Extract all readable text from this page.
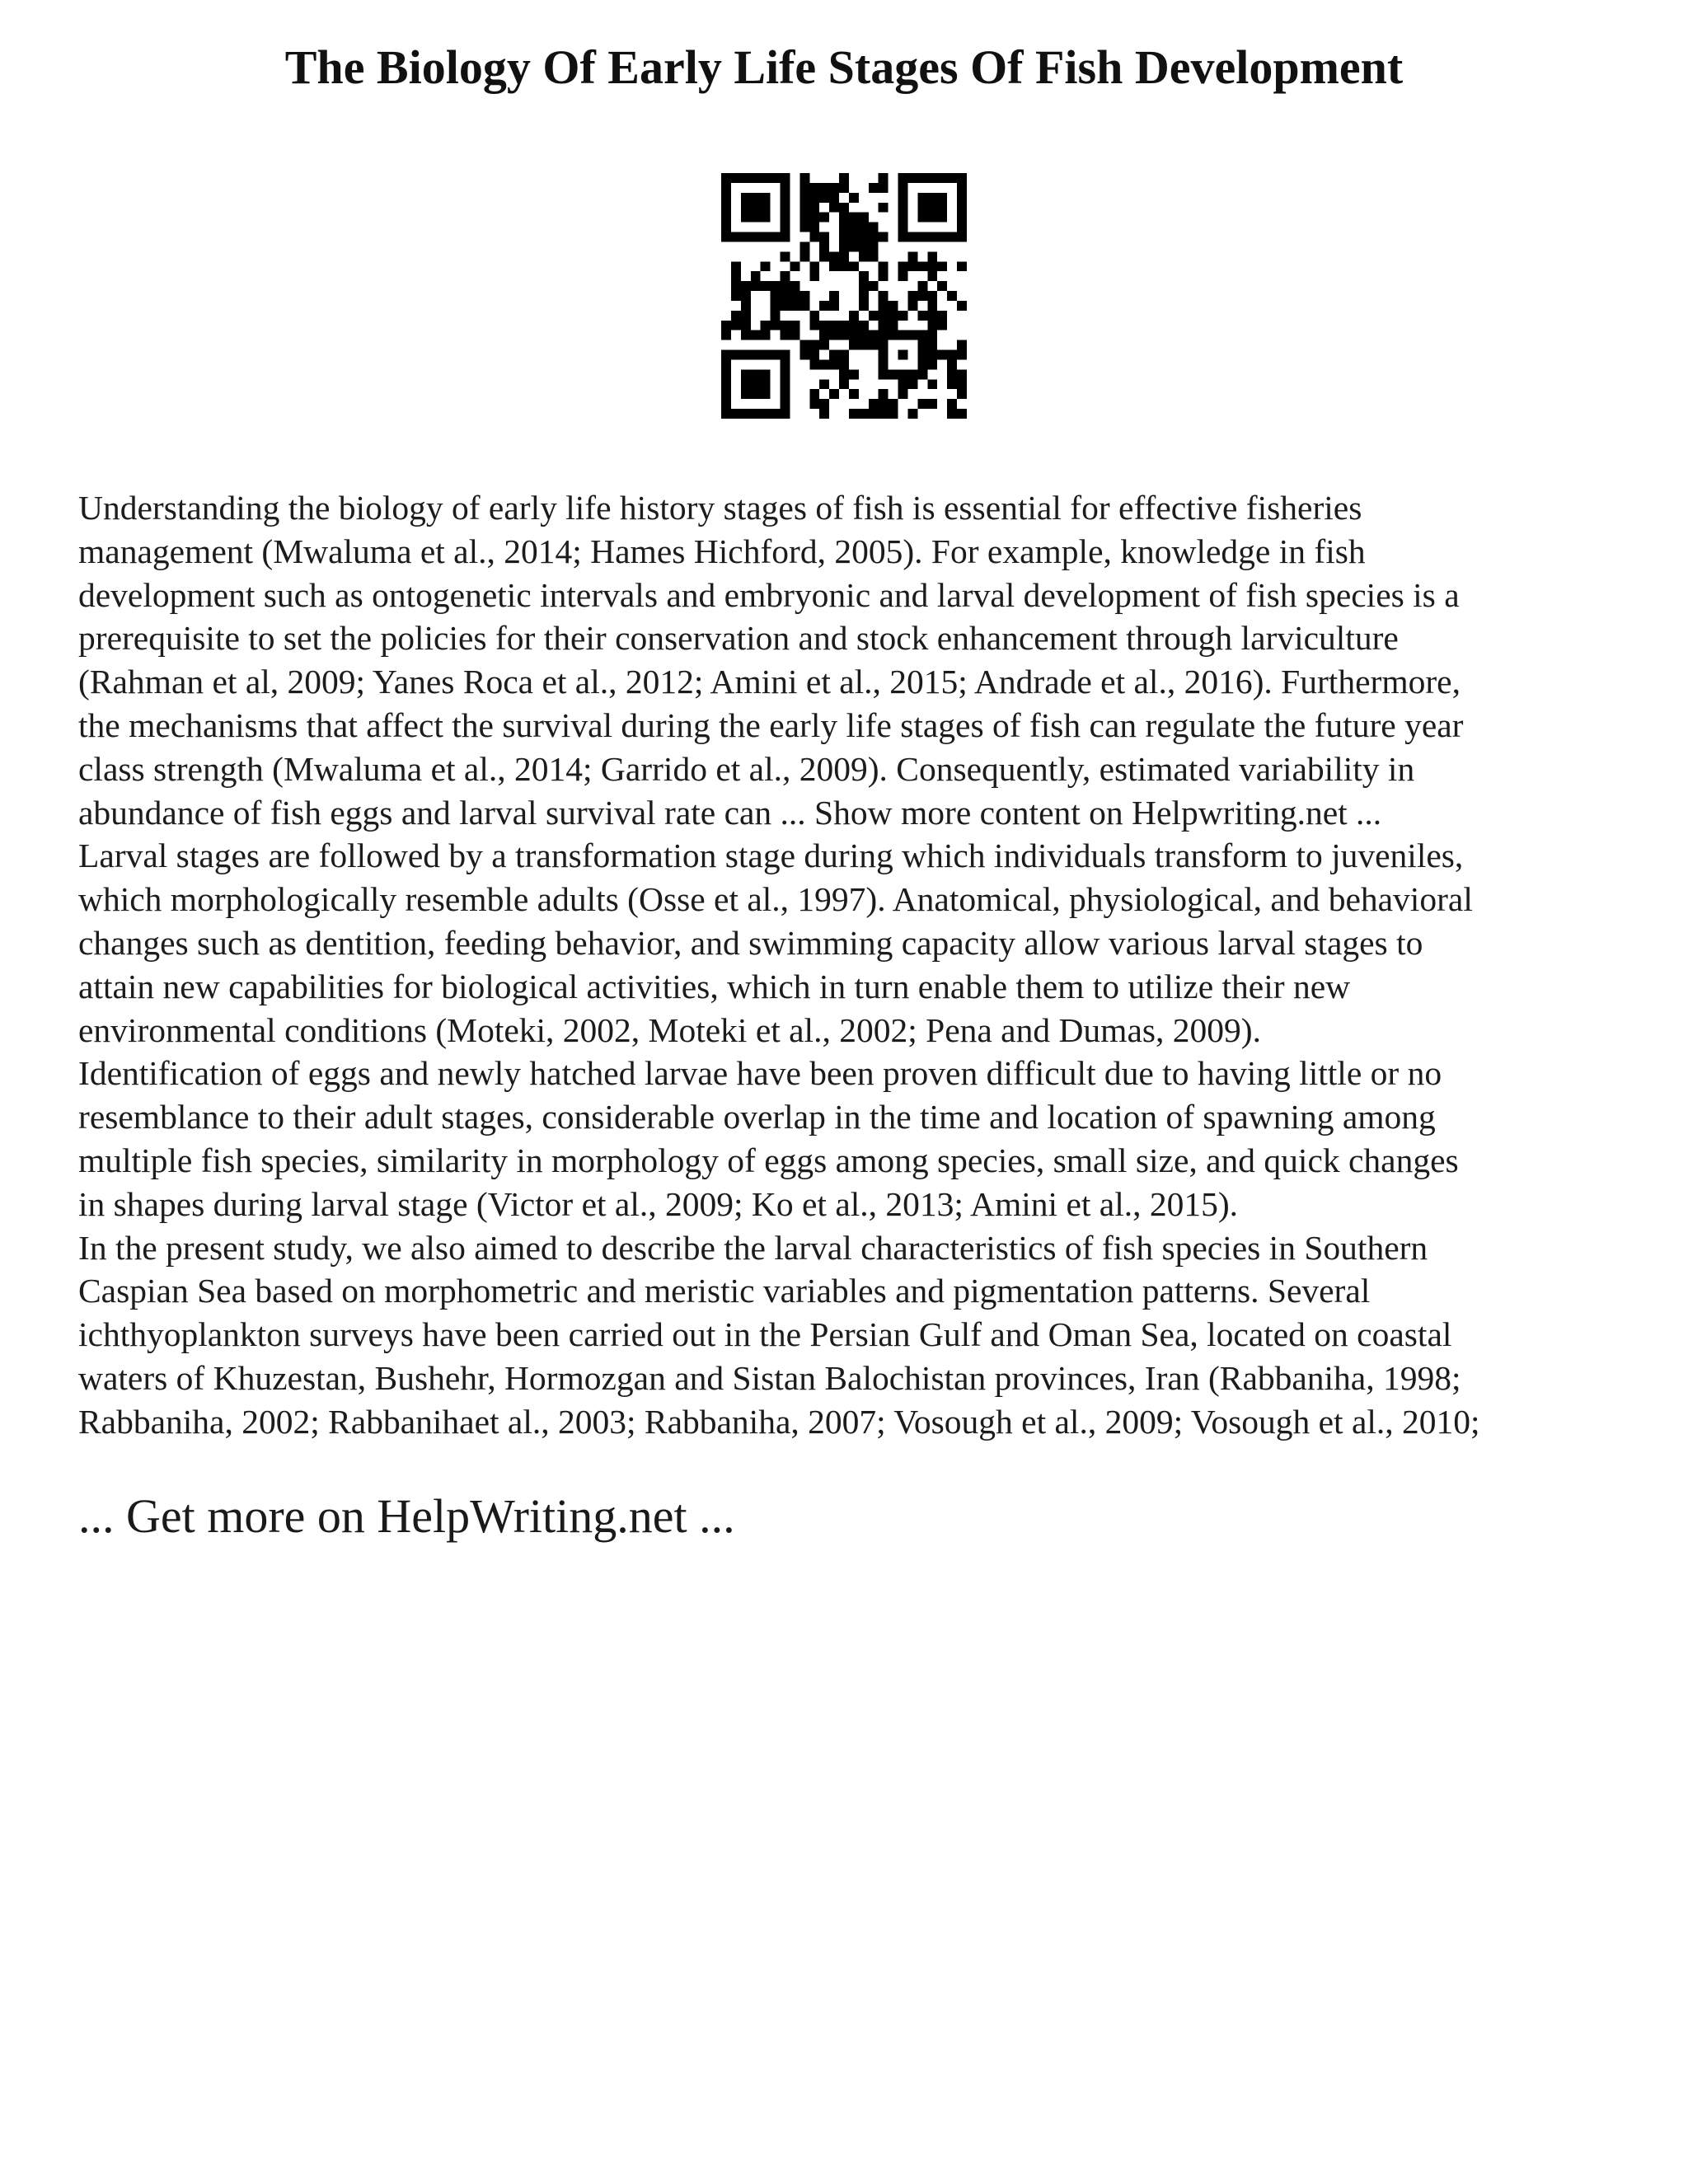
The Biology Of Early Life Stages Of Fish Development
Understanding the biology of early life history stages of fish is essential for effective fisheries
management (Mwaluma et al., 2014; Hames Hichford, 2005). For example, knowledge in fish
development such as ontogenetic intervals and embryonic and larval development of fish species is a
prerequisite to set the policies for their conservation and stock enhancement through larviculture
(Rahman et al, 2009; Yanes Roca et al., 2012; Amini et al., 2015; Andrade et al., 2016). Furthermore,
the mechanisms that affect the survival during the early life stages of fish can regulate the future year
class strength (Mwaluma et al., 2014; Garrido et al., 2009). Consequently, estimated variability in
abundance of fish eggs and larval survival rate can ... Show more content on Helpwriting.net ...
Larval stages are followed by a transformation stage during which individuals transform to juveniles,
which morphologically resemble adults (Osse et al., 1997). Anatomical, physiological, and behavioral
changes such as dentition, feeding behavior, and swimming capacity allow various larval stages to
attain new capabilities for biological activities, which in turn enable them to utilize their new
environmental conditions (Moteki, 2002, Moteki et al., 2002; Pena and Dumas, 2009).
Identification of eggs and newly hatched larvae have been proven difficult due to having little or no
resemblance to their adult stages, considerable overlap in the time and location of spawning among
multiple fish species, similarity in morphology of eggs among species, small size, and quick changes
in shapes during larval stage (Victor et al., 2009; Ko et al., 2013; Amini et al., 2015).
In the present study, we also aimed to describe the larval characteristics of fish species in Southern
Caspian Sea based on morphometric and meristic variables and pigmentation patterns. Several
ichthyoplankton surveys have been carried out in the Persian Gulf and Oman Sea, located on coastal
waters of Khuzestan, Bushehr, Hormozgan and Sistan Balochistan provinces, Iran (Rabbaniha, 1998;
Rabbaniha, 2002; Rabbanihaet al., 2003; Rabbaniha, 2007; Vosough et al., 2009; Vosough et al., 2010;
... Get more on HelpWriting.net ...
